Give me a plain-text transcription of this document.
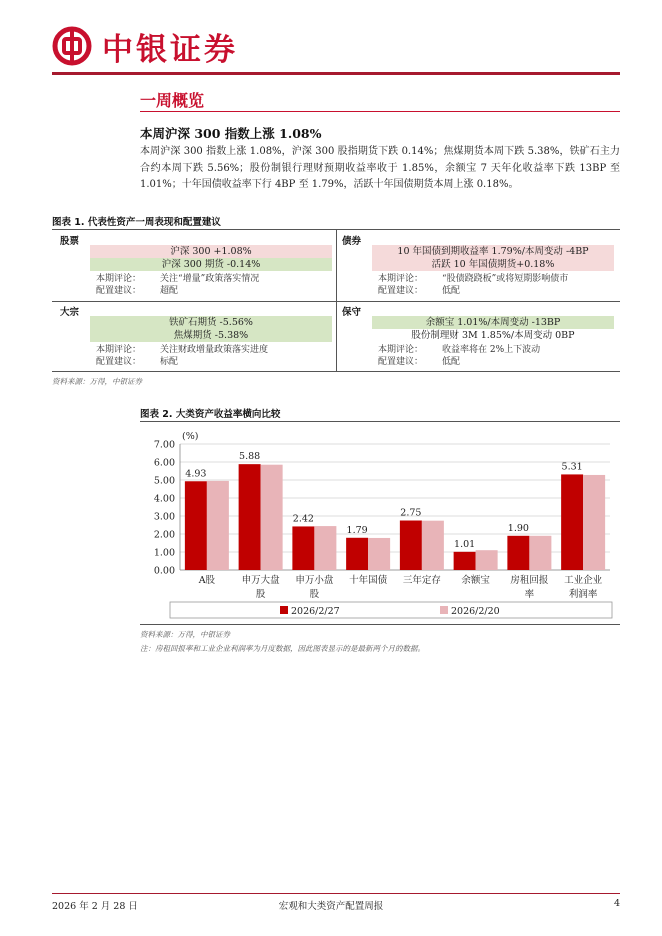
中银证券
一周概览
本周沪深 300 指数上涨 1.08%
本周沪深 300 指数上涨 1.08%，沪深 300 股指期货下跌 0.14%；焦煤期货本周下跌 5.38%，铁矿石主力合约本周下跌 5.56%；股份制银行理财预期收益率收于 1.85%，余额宝 7 天年化收益率下跌 13BP 至 1.01%；十年国债收益率下行 4BP 至 1.79%，活跃十年国债期货本周上涨 0.18%。
图表 1. 代表性资产一周表现和配置建议
股票
沪深 300 +1.08%
沪深 300 期货 -0.14%
本期评论： 关注“增量”政策落实情况
配置建议： 超配
债券
10 年国债到期收益率 1.79%/本周变动 -4BP
活跃 10 年国债期货+0.18%
本期评论： “股债跷跷板”或将短期影响债市
配置建议： 低配
大宗
铁矿石期货 -5.56%
焦煤期货 -5.38%
本期评论： 关注财政增量政策落实进度
配置建议： 标配
保守
余额宝 1.01%/本周变动 -13BP
股份制理财 3M 1.85%/本周变动 0BP
本期评论： 收益率将在 2%上下波动
配置建议： 低配
资料来源：万得，中银证券
图表 2. 大类资产收益率横向比较
(%)
0.00
1.00
2.00
3.00
4.00
5.00
6.00
7.00
4.93
A股
5.88
申万大盘
股
2.42
申万小盘
股
1.79
十年国债
2.75
三年定存
1.01
余额宝
1.90
房租回报
率
5.31
工业企业
利润率
2026/2/27	2026/2/20
资料来源：万得，中银证券
注：房租回报率和工业企业利润率为月度数据，因此图表显示的是最新两个月的数据。
2026 年 2 月 28 日	宏观和大类资产配置周报	4
